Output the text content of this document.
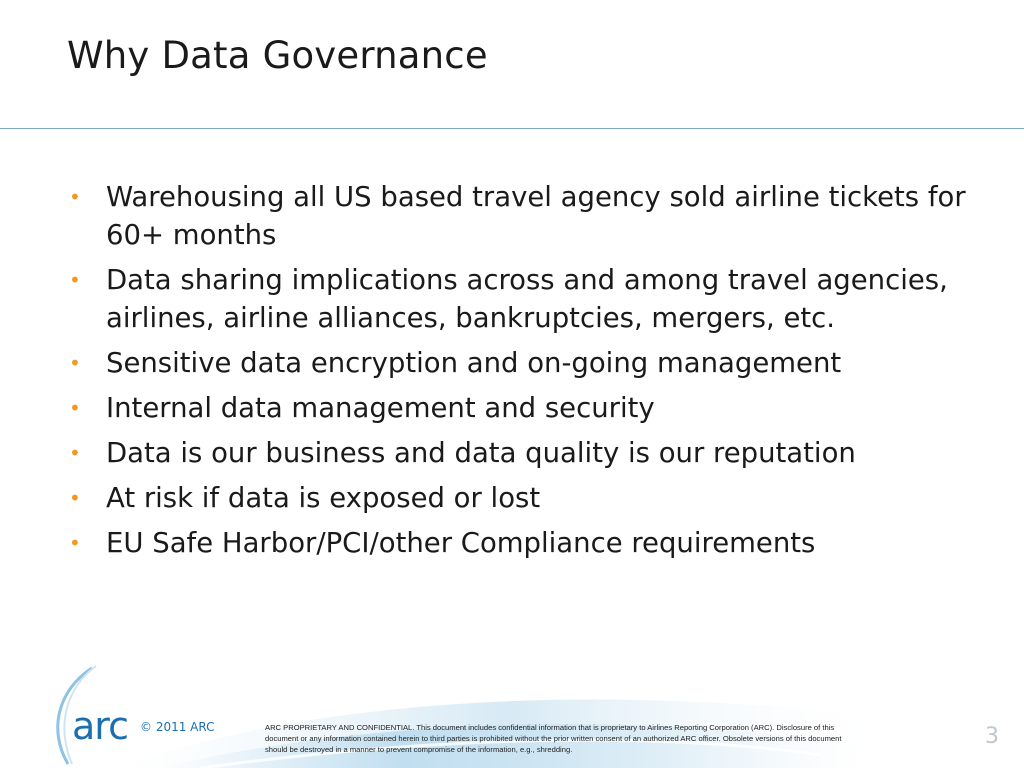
Why Data Governance
• Warehousing all US based travel agency sold airline tickets for 60+ months
• Data sharing implications across and among travel agencies, airlines, airline alliances, bankruptcies, mergers, etc.
• Sensitive data encryption and on-going management
• Internal data management and security
• Data is our business and data quality is our reputation
• At risk if data is exposed or lost
• EU Safe Harbor/PCI/other Compliance requirements
arc © 2011 ARC	ARC PROPRIETARY AND CONFIDENTIAL. This document includes confidential information that is proprietary to Airlines Reporting Corporation (ARC). Disclosure of this document or any information contained herein to third parties is prohibited without the prior written consent of an authorized ARC officer. Obsolete versions of this document should be destroyed in a manner to prevent compromise of the information, e.g., shredding.
3
